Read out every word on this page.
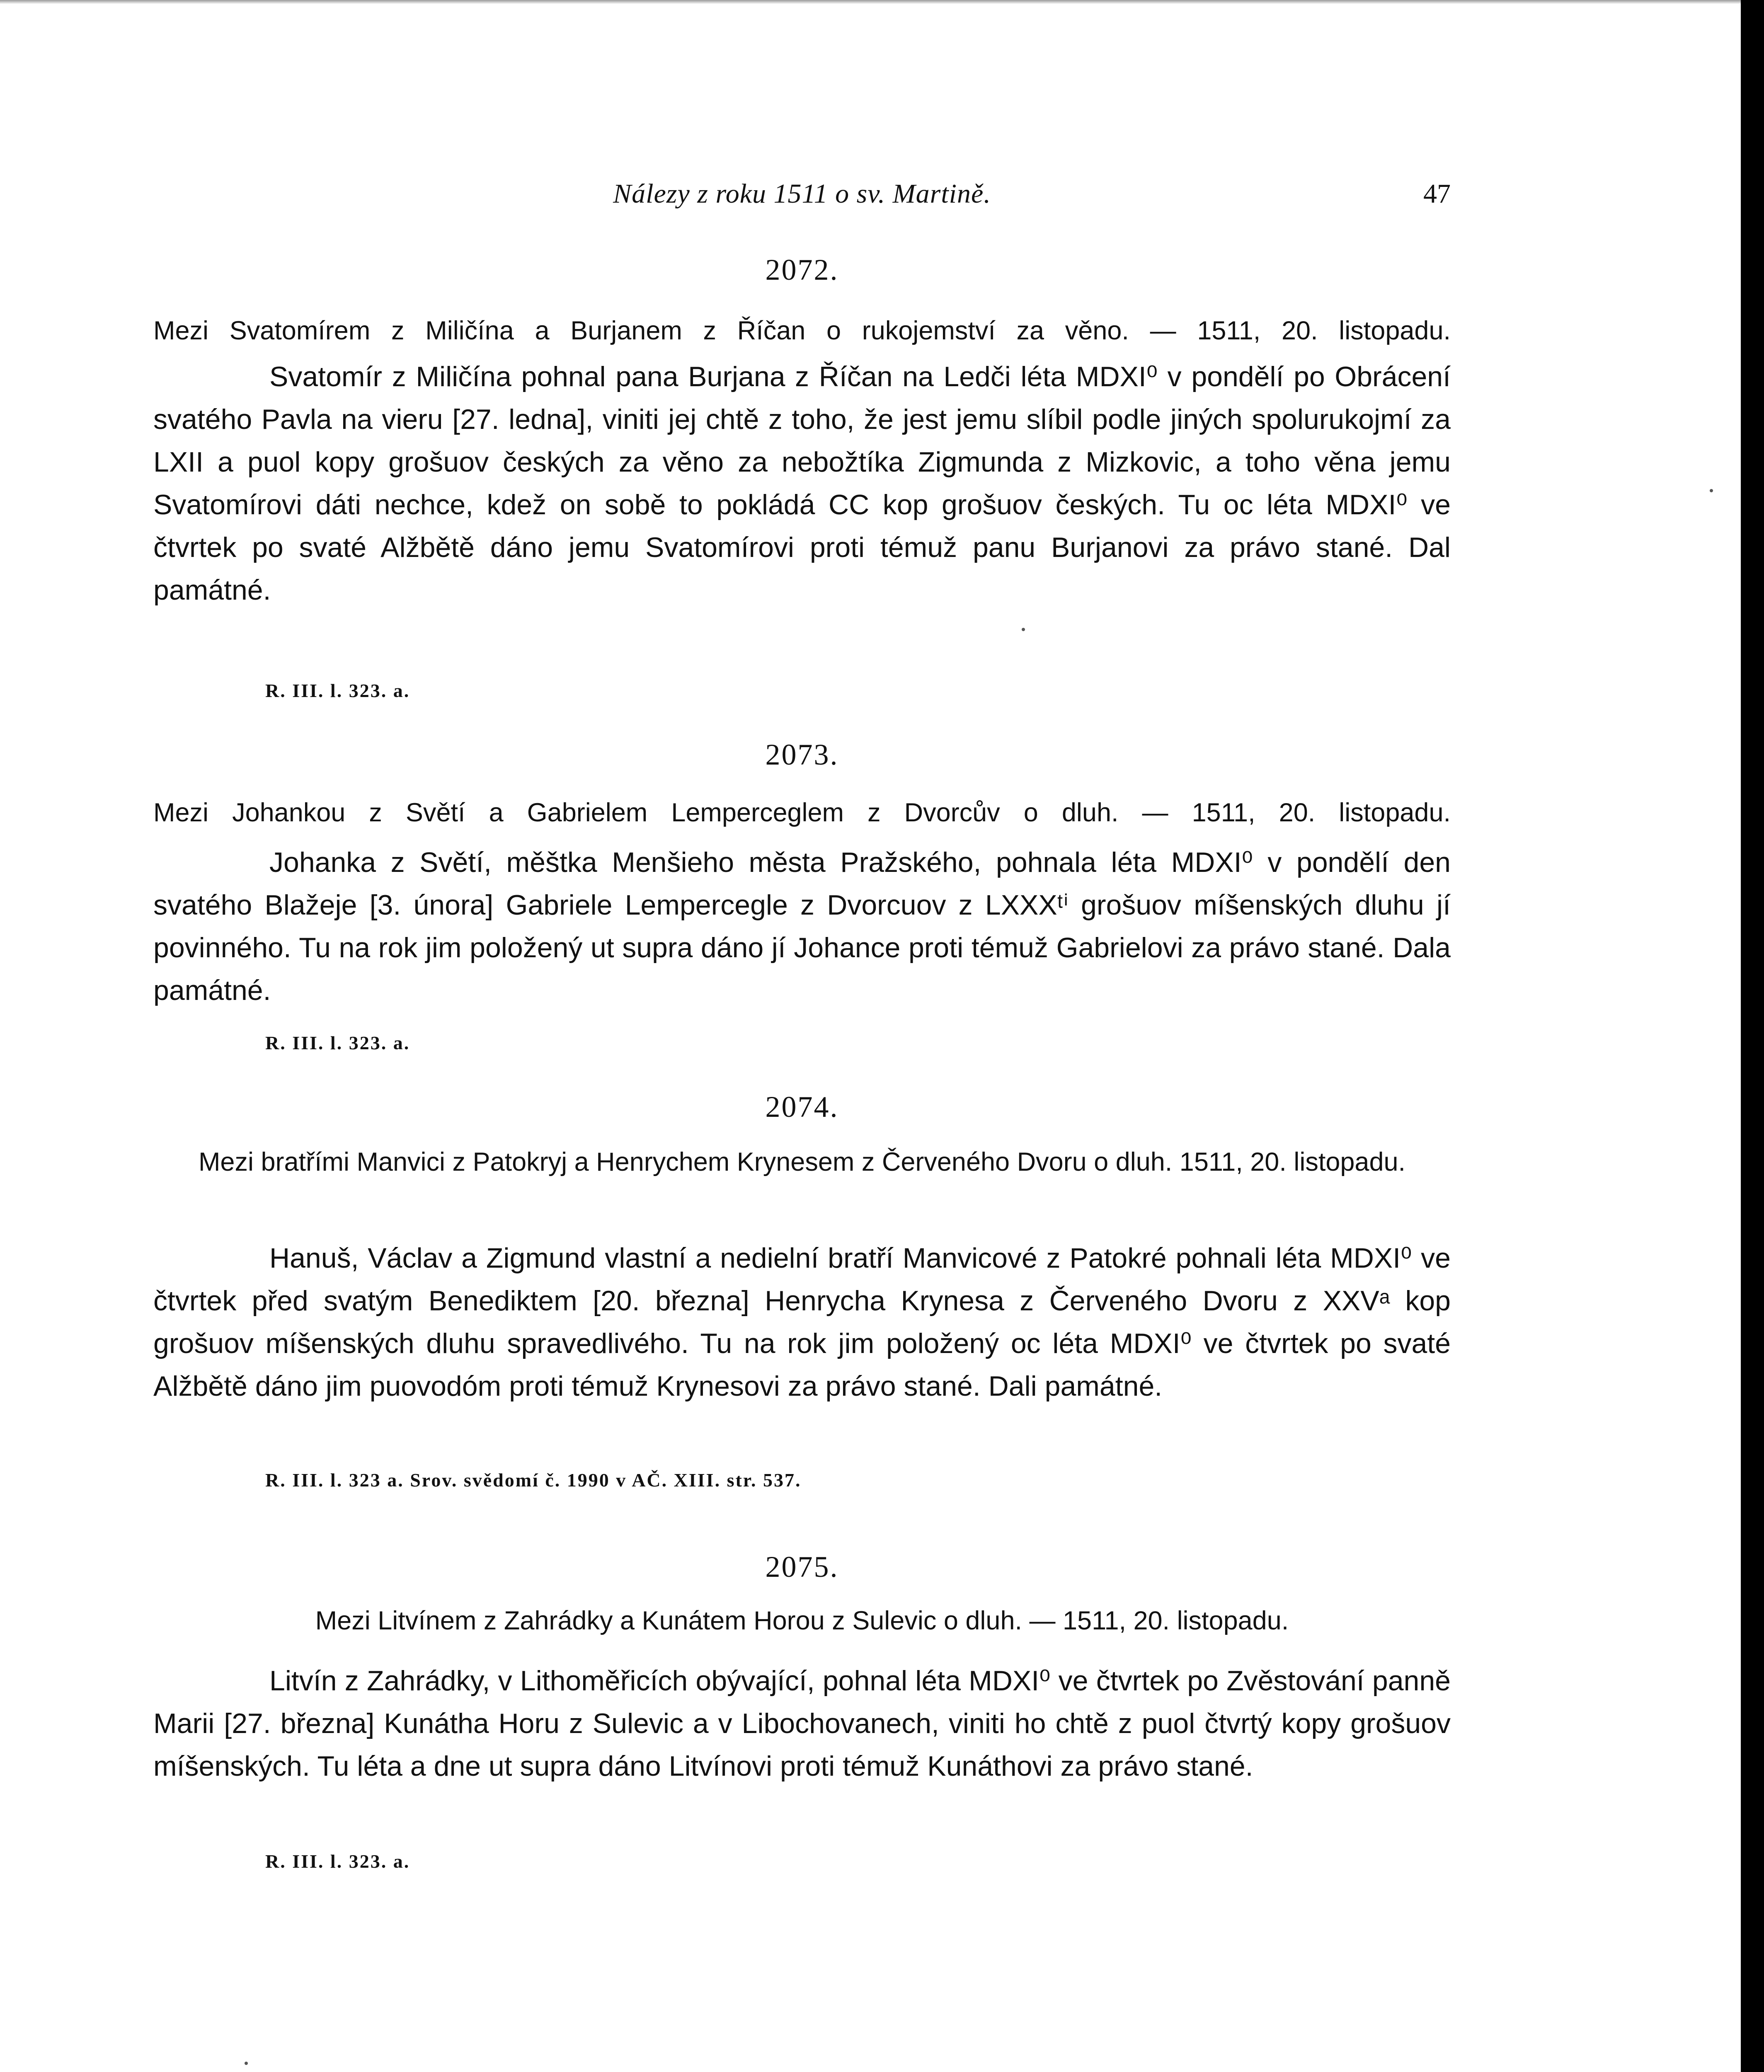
Nálezy z roku 1511 o sv. Martině.	47
2072.
Mezi Svatomírem z Miličína a Burjanem z Říčan o rukojemství za věno. — 1511, 20. listopadu.

Svatomír z Miličína pohnal pana Burjana z Říčan na Ledči léta MDXI⁰ v pondělí po Obrácení svatého Pavla na vieru [27. ledna], viniti jej chtě z toho, že jest jemu slíbil podle jiných spolurukojmí za LXII a puol kopy grošuov českých za věno za nebožtíka Zigmunda z Mizkovic, a toho věna jemu Svatomírovi dáti nechce, kdež on sobě to pokládá CC kop grošuov českých. Tu oc léta MDXI⁰ ve čtvrtek po svaté Alžbětě dáno jemu Svatomírovi proti témuž panu Burjanovi za právo stané. Dal památné.

R. III. l. 323. a.
2073.
Mezi Johankou z Světí a Gabrielem Lemperceglem z Dvorcův o dluh. — 1511, 20. listopadu.

Johanka z Světí, měštka Menšieho města Pražského, pohnala léta MDXI⁰ v pondělí den svatého Blažeje [3. února] Gabriele Lempercegle z Dvorcuov z LXXXᵗⁱ grošuov míšenských dluhu jí povinného. Tu na rok jim položený ut supra dáno jí Johance proti témuž Gabrielovi za právo stané. Dala památné.

R. III. l. 323. a.
2074.
Mezi bratřími Manvici z Patokryj a Henrychem Krynesem z Červeného Dvoru o dluh. 1511, 20. listopadu.

Hanuš, Václav a Zigmund vlastní a nedielní bratří Manvicové z Patokré pohnali léta MDXI⁰ ve čtvrtek před svatým Benediktem [20. března] Henrycha Krynesa z Červeného Dvoru z XXVᵃ kop grošuov míšenských dluhu spravedlivého. Tu na rok jim položený oc léta MDXI⁰ ve čtvrtek po svaté Alžbětě dáno jim puovodóm proti témuž Krynesovi za právo stané. Dali památné.

R. III. l. 323 a. Srov. svědomí č. 1990 v AČ. XIII. str. 537.
2075.
Mezi Litvínem z Zahrádky a Kunátem Horou z Sulevic o dluh. — 1511, 20. listopadu.

Litvín z Zahrádky, v Lithoměřicích obývající, pohnal léta MDXI⁰ ve čtvrtek po Zvěstování panně Marii [27. března] Kunátha Horu z Sulevic a v Libochovanech, viniti ho chtě z puol čtvrtý kopy grošuov míšenských. Tu léta a dne ut supra dáno Litvínovi proti témuž Kunáthovi za právo stané.

R. III. l. 323. a.
